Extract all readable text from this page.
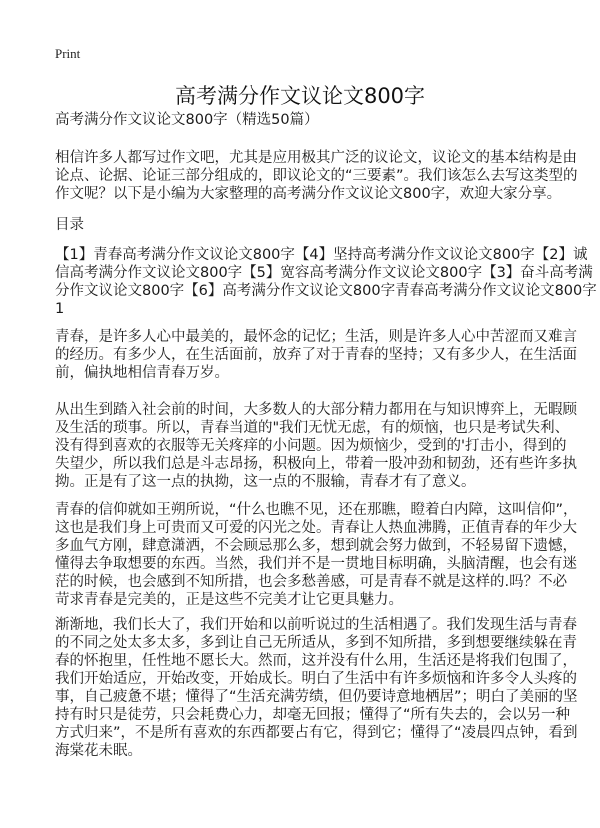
Print
高考满分作文议论文800字
高考满分作文议论文800字（精选50篇）
相信许多人都写过作文吧，尤其是应用极其广泛的议论文，议论文的基本结构是由
论点、论据、论证三部分组成的，即议论文的“三要素”。我们该怎么去写这类型的
作文呢？以下是小编为大家整理的高考满分作文议论文800字，欢迎大家分享。
目录
【1】青春高考满分作文议论文800字【4】坚持高考满分作文议论文800字【2】诚
信高考满分作文议论文800字【5】宽容高考满分作文议论文800字【3】奋斗高考满
分作文议论文800字【6】高考满分作文议论文800字青春高考满分作文议论文800字
1
青春，是许多人心中最美的，最怀念的记忆；生活，则是许多人心中苦涩而又难言
的经历。有多少人，在生活面前，放弃了对于青春的坚持；又有多少人，在生活面
前，偏执地相信青春万岁。
从出生到踏入社会前的时间，大多数人的大部分精力都用在与知识博弈上，无暇顾
及生活的琐事。所以，青春当道的"我们无忧无虑，有的烦恼，也只是考试失利、
没有得到喜欢的衣服等无关疼痒的小问题。因为烦恼少，受到的'打击小，得到的
失望少，所以我们总是斗志昂扬，积极向上，带着一股冲劲和韧劲，还有些许多执
拗。正是有了这一点的执拗，这一点的不服输，青春才有了意义。
青春的信仰就如王朔所说，“什么也瞧不见，还在那瞧，瞪着白内障，这叫信仰”，
这也是我们身上可贵而又可爱的闪光之处。青春让人热血沸腾，正值青春的年少大
多血气方刚，肆意潇洒，不会顾忌那么多，想到就会努力做到，不轻易留下遗憾，
懂得去争取想要的东西。当然，我们并不是一贯地目标明确，头脑清醒，也会有迷
茫的时候，也会感到不知所措，也会多愁善感，可是青春不就是这样的.吗？不必
苛求青春是完美的，正是这些不完美才让它更具魅力。
渐渐地，我们长大了，我们开始和以前听说过的生活相遇了。我们发现生活与青春
的不同之处太多太多，多到让自己无所适从，多到不知所措，多到想要继续躲在青
春的怀抱里，任性地不愿长大。然而，这并没有什么用，生活还是将我们包围了，
我们开始适应，开始改变，开始成长。明白了生活中有许多烦恼和许多令人头疼的
事，自己疲惫不堪；懂得了“生活充满劳绩，但仍要诗意地栖居”；明白了美丽的坚
持有时只是徒劳，只会耗费心力，却毫无回报；懂得了“所有失去的，会以另一种
方式归来”，不是所有喜欢的东西都要占有它，得到它；懂得了“凌晨四点钟，看到
海棠花未眠。
